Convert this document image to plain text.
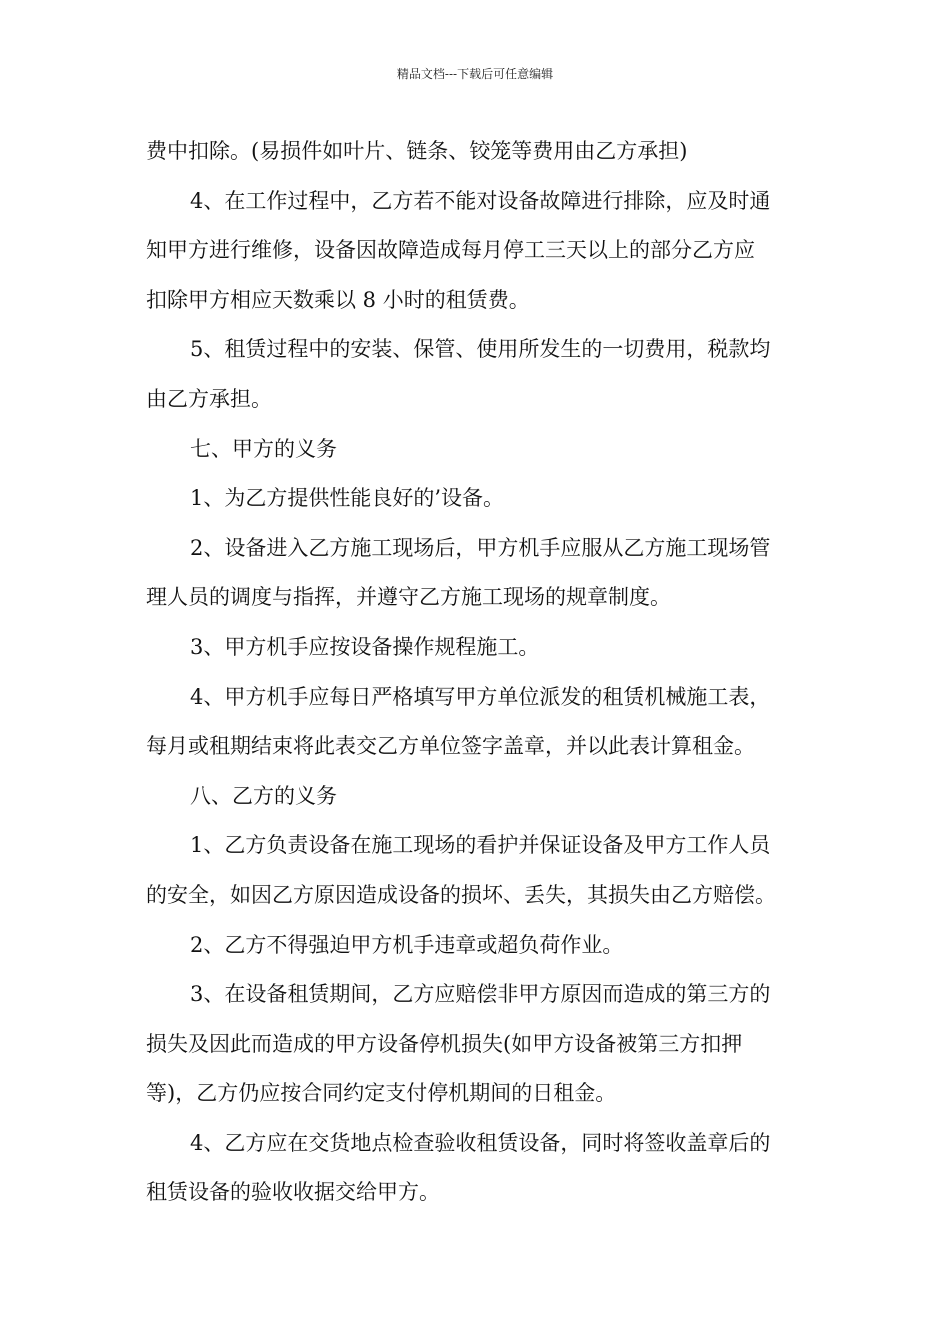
精品文档---下载后可任意编辑
费中扣除。(易损件如叶片、链条、铰笼等费用由乙方承担)
4、在工作过程中，乙方若不能对设备故障进行排除，应及时通
知甲方进行维修，设备因故障造成每月停工三天以上的部分乙方应
扣除甲方相应天数乘以 8 小时的租赁费。
5、租赁过程中的安装、保管、使用所发生的一切费用，税款均
由乙方承担。
七、甲方的义务
1、为乙方提供性能良好的’设备。
2、设备进入乙方施工现场后，甲方机手应服从乙方施工现场管
理人员的调度与指挥，并遵守乙方施工现场的规章制度。
3、甲方机手应按设备操作规程施工。
4、甲方机手应每日严格填写甲方单位派发的租赁机械施工表，
每月或租期结束将此表交乙方单位签字盖章，并以此表计算租金。
八、乙方的义务
1、乙方负责设备在施工现场的看护并保证设备及甲方工作人员
的安全，如因乙方原因造成设备的损坏、丢失，其损失由乙方赔偿。
2、乙方不得强迫甲方机手违章或超负荷作业。
3、在设备租赁期间，乙方应赔偿非甲方原因而造成的第三方的
损失及因此而造成的甲方设备停机损失(如甲方设备被第三方扣押
等)，乙方仍应按合同约定支付停机期间的日租金。
4、乙方应在交货地点检查验收租赁设备，同时将签收盖章后的
租赁设备的验收收据交给甲方。
